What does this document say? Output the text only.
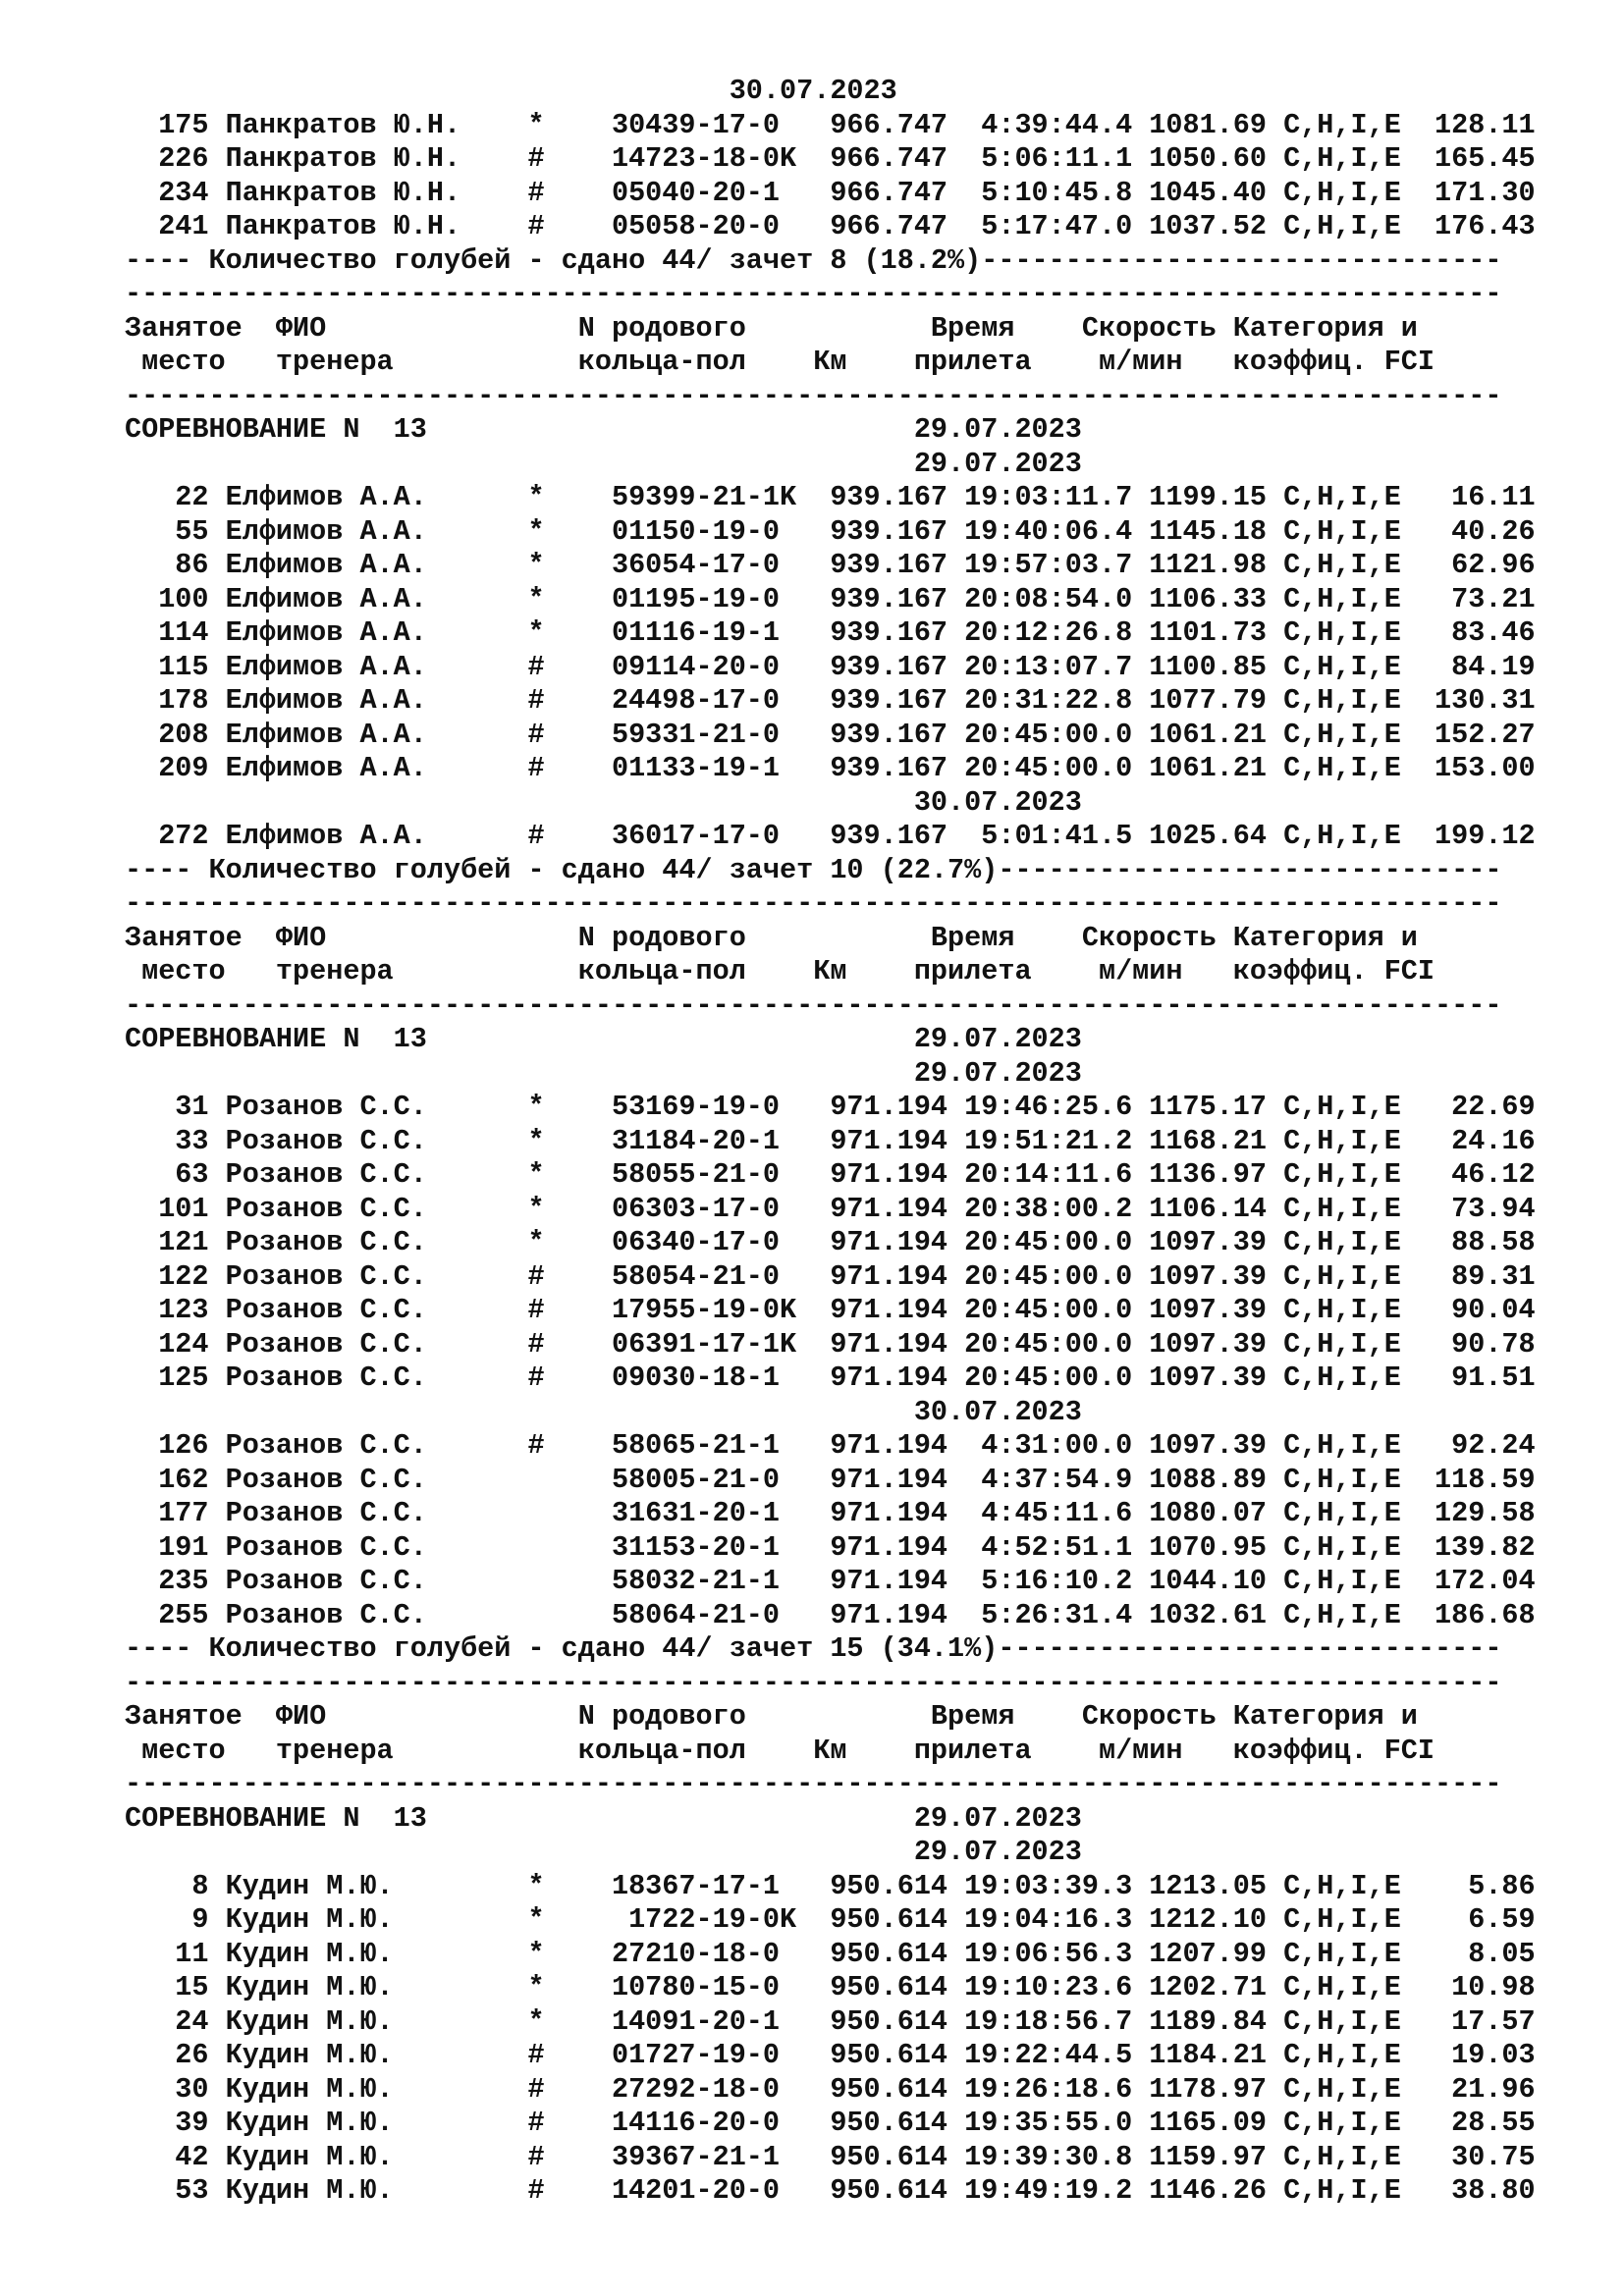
30.07.2023
175 Панкратов Ю.Н.    *    30439-17-0   966.747  4:39:44.4 1081.69 C,H,I,E  128.11
226 Панкратов Ю.Н.    #    14723-18-0K  966.747  5:06:11.1 1050.60 C,H,I,E  165.45
234 Панкратов Ю.Н.    #    05040-20-1   966.747  5:10:45.8 1045.40 C,H,I,E  171.30
241 Панкратов Ю.Н.    #    05058-20-0   966.747  5:17:47.0 1037.52 C,H,I,E  176.43
---- Количество голубей - сдано 44/ зачет 8 (18.2%)-------------------------------
----------------------------------------------------------------------------------
Занятое  ФИО               N родового           Время    Скорость Категория и
место   тренера           кольца-пол    Км    прилета    м/мин   коэффиц. FCI
----------------------------------------------------------------------------------
СОРЕВНОВАНИЕ N  13                             29.07.2023
29.07.2023
22 Елфимов А.А.      *    59399-21-1K  939.167 19:03:11.7 1199.15 C,H,I,E   16.11
55 Елфимов А.А.      *    01150-19-0   939.167 19:40:06.4 1145.18 C,H,I,E   40.26
86 Елфимов А.А.      *    36054-17-0   939.167 19:57:03.7 1121.98 C,H,I,E   62.96
100 Елфимов А.А.      *    01195-19-0   939.167 20:08:54.0 1106.33 C,H,I,E   73.21
114 Елфимов А.А.      *    01116-19-1   939.167 20:12:26.8 1101.73 C,H,I,E   83.46
115 Елфимов А.А.      #    09114-20-0   939.167 20:13:07.7 1100.85 C,H,I,E   84.19
178 Елфимов А.А.      #    24498-17-0   939.167 20:31:22.8 1077.79 C,H,I,E  130.31
208 Елфимов А.А.      #    59331-21-0   939.167 20:45:00.0 1061.21 C,H,I,E  152.27
209 Елфимов А.А.      #    01133-19-1   939.167 20:45:00.0 1061.21 C,H,I,E  153.00
30.07.2023
272 Елфимов А.А.      #    36017-17-0   939.167  5:01:41.5 1025.64 C,H,I,E  199.12
---- Количество голубей - сдано 44/ зачет 10 (22.7%)------------------------------
----------------------------------------------------------------------------------
Занятое  ФИО               N родового           Время    Скорость Категория и
место   тренера           кольца-пол    Км    прилета    м/мин   коэффиц. FCI
----------------------------------------------------------------------------------
СОРЕВНОВАНИЕ N  13                             29.07.2023
29.07.2023
31 Розанов С.С.      *    53169-19-0   971.194 19:46:25.6 1175.17 C,H,I,E   22.69
33 Розанов С.С.      *    31184-20-1   971.194 19:51:21.2 1168.21 C,H,I,E   24.16
63 Розанов С.С.      *    58055-21-0   971.194 20:14:11.6 1136.97 C,H,I,E   46.12
101 Розанов С.С.      *    06303-17-0   971.194 20:38:00.2 1106.14 C,H,I,E   73.94
121 Розанов С.С.      *    06340-17-0   971.194 20:45:00.0 1097.39 C,H,I,E   88.58
122 Розанов С.С.      #    58054-21-0   971.194 20:45:00.0 1097.39 C,H,I,E   89.31
123 Розанов С.С.      #    17955-19-0K  971.194 20:45:00.0 1097.39 C,H,I,E   90.04
124 Розанов С.С.      #    06391-17-1K  971.194 20:45:00.0 1097.39 C,H,I,E   90.78
125 Розанов С.С.      #    09030-18-1   971.194 20:45:00.0 1097.39 C,H,I,E   91.51
30.07.2023
126 Розанов С.С.      #    58065-21-1   971.194  4:31:00.0 1097.39 C,H,I,E   92.24
162 Розанов С.С.           58005-21-0   971.194  4:37:54.9 1088.89 C,H,I,E  118.59
177 Розанов С.С.           31631-20-1   971.194  4:45:11.6 1080.07 C,H,I,E  129.58
191 Розанов С.С.           31153-20-1   971.194  4:52:51.1 1070.95 C,H,I,E  139.82
235 Розанов С.С.           58032-21-1   971.194  5:16:10.2 1044.10 C,H,I,E  172.04
255 Розанов С.С.           58064-21-0   971.194  5:26:31.4 1032.61 C,H,I,E  186.68
---- Количество голубей - сдано 44/ зачет 15 (34.1%)------------------------------
----------------------------------------------------------------------------------
Занятое  ФИО               N родового           Время    Скорость Категория и
место   тренера           кольца-пол    Км    прилета    м/мин   коэффиц. FCI
----------------------------------------------------------------------------------
СОРЕВНОВАНИЕ N  13                             29.07.2023
29.07.2023
8 Кудин М.Ю.        *    18367-17-1   950.614 19:03:39.3 1213.05 C,H,I,E    5.86
9 Кудин М.Ю.        *     1722-19-0K  950.614 19:04:16.3 1212.10 C,H,I,E    6.59
11 Кудин М.Ю.        *    27210-18-0   950.614 19:06:56.3 1207.99 C,H,I,E    8.05
15 Кудин М.Ю.        *    10780-15-0   950.614 19:10:23.6 1202.71 C,H,I,E   10.98
24 Кудин М.Ю.        *    14091-20-1   950.614 19:18:56.7 1189.84 C,H,I,E   17.57
26 Кудин М.Ю.        #    01727-19-0   950.614 19:22:44.5 1184.21 C,H,I,E   19.03
30 Кудин М.Ю.        #    27292-18-0   950.614 19:26:18.6 1178.97 C,H,I,E   21.96
39 Кудин М.Ю.        #    14116-20-0   950.614 19:35:55.0 1165.09 C,H,I,E   28.55
42 Кудин М.Ю.        #    39367-21-1   950.614 19:39:30.8 1159.97 C,H,I,E   30.75
53 Кудин М.Ю.        #    14201-20-0   950.614 19:49:19.2 1146.26 C,H,I,E   38.80
